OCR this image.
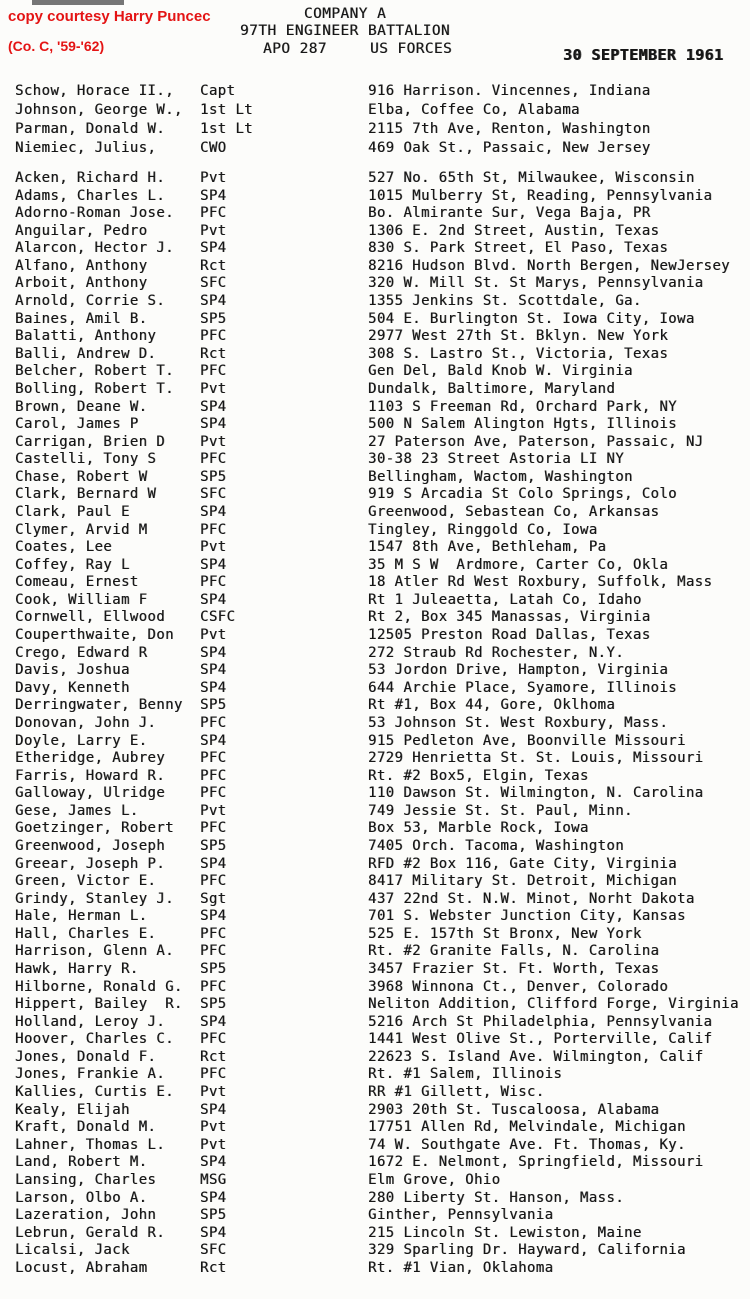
copy courtesy Harry Puncec
(Co. C, '59-'62)
COMPANY A
97TH ENGINEER BATTALION
APO 287	US FORCES	30 SEPTEMBER 1961
Schow, Horace II.,	Capt	916 Harrison. Vincennes, Indiana
Johnson, George W.,	1st Lt	Elba, Coffee Co, Alabama
Parman, Donald W.	1st Lt	2115 7th Ave, Renton, Washington
Niemiec, Julius,	CWO	469 Oak St., Passaic, New Jersey
Acken, Richard H.	Pvt	527 No. 65th St, Milwaukee, Wisconsin
Adams, Charles L.	SP4	1015 Mulberry St, Reading, Pennsylvania
Adorno-Roman Jose.	PFC	Bo. Almirante Sur, Vega Baja, PR
Anguilar, Pedro	Pvt	1306 E. 2nd Street, Austin, Texas
Alarcon, Hector J.	SP4	830 S. Park Street, El Paso, Texas
Alfano, Anthony	Rct	8216 Hudson Blvd. North Bergen, NewJersey
Arboit, Anthony	SFC	320 W. Mill St. St Marys, Pennsylvania
Arnold, Corrie S.	SP4	1355 Jenkins St. Scottdale, Ga.
Baines, Amil B.	SP5	504 E. Burlington St. Iowa City, Iowa
Balatti, Anthony	PFC	2977 West 27th St. Bklyn. New York
Balli, Andrew D.	Rct	308 S. Lastro St., Victoria, Texas
Belcher, Robert T.	PFC	Gen Del, Bald Knob W. Virginia
Bolling, Robert T.	Pvt	Dundalk, Baltimore, Maryland
Brown, Deane W.	SP4	1103 S Freeman Rd, Orchard Park, NY
Carol, James P	SP4	500 N Salem Alington Hgts, Illinois
Carrigan, Brien D	Pvt	27 Paterson Ave, Paterson, Passaic, NJ
Castelli, Tony S	PFC	30-38 23 Street Astoria LI NY
Chase, Robert W	SP5	Bellingham, Wactom, Washington
Clark, Bernard W	SFC	919 S Arcadia St Colo Springs, Colo
Clark, Paul E	SP4	Greenwood, Sebastean Co, Arkansas
Clymer, Arvid M	PFC	Tingley, Ringgold Co, Iowa
Coates, Lee	Pvt	1547 8th Ave, Bethleham, Pa
Coffey, Ray L	SP4	35 M S W  Ardmore, Carter Co, Okla
Comeau, Ernest	PFC	18 Atler Rd West Roxbury, Suffolk, Mass
Cook, William F	SP4	Rt 1 Juleaetta, Latah Co, Idaho
Cornwell, Ellwood	CSFC	Rt 2, Box 345 Manassas, Virginia
Couperthwaite, Don	Pvt	12505 Preston Road Dallas, Texas
Crego, Edward R	SP4	272 Straub Rd Rochester, N.Y.
Davis, Joshua	SP4	53 Jordon Drive, Hampton, Virginia
Davy, Kenneth	SP4	644 Archie Place, Syamore, Illinois
Derringwater, Benny	SP5	Rt #1, Box 44, Gore, Oklhoma
Donovan, John J.	PFC	53 Johnson St. West Roxbury, Mass.
Doyle, Larry E.	SP4	915 Pedleton Ave, Boonville Missouri
Etheridge, Aubrey	PFC	2729 Henrietta St. St. Louis, Missouri
Farris, Howard R.	PFC	Rt. #2 Box5, Elgin, Texas
Galloway, Ulridge	PFC	110 Dawson St. Wilmington, N. Carolina
Gese, James L.	Pvt	749 Jessie St. St. Paul, Minn.
Goetzinger, Robert	PFC	Box 53, Marble Rock, Iowa
Greenwood, Joseph	SP5	7405 Orch. Tacoma, Washington
Greear, Joseph P.	SP4	RFD #2 Box 116, Gate City, Virginia
Green, Victor E.	PFC	8417 Military St. Detroit, Michigan
Grindy, Stanley J.	Sgt	437 22nd St. N.W. Minot, Norht Dakota
Hale, Herman L.	SP4	701 S. Webster Junction City, Kansas
Hall, Charles E.	PFC	525 E. 157th St Bronx, New York
Harrison, Glenn A.	PFC	Rt. #2 Granite Falls, N. Carolina
Hawk, Harry R.	SP5	3457 Frazier St. Ft. Worth, Texas
Hilborne, Ronald G.	PFC	3968 Winnona Ct., Denver, Colorado
Hippert, Bailey  R.	SP5	Neliton Addition, Clifford Forge, Virginia
Holland, Leroy J.	SP4	5216 Arch St Philadelphia, Pennsylvania
Hoover, Charles C.	PFC	1441 West Olive St., Porterville, Calif
Jones, Donald F.	Rct	22623 S. Island Ave. Wilmington, Calif
Jones, Frankie A.	PFC	Rt. #1 Salem, Illinois
Kallies, Curtis E.	Pvt	RR #1 Gillett, Wisc.
Kealy, Elijah	SP4	2903 20th St. Tuscaloosa, Alabama
Kraft, Donald M.	Pvt	17751 Allen Rd, Melvindale, Michigan
Lahner, Thomas L.	Pvt	74 W. Southgate Ave. Ft. Thomas, Ky.
Land, Robert M.	SP4	1672 E. Nelmont, Springfield, Missouri
Lansing, Charles	MSG	Elm Grove, Ohio
Larson, Olbo A.	SP4	280 Liberty St. Hanson, Mass.
Lazeration, John	SP5	Ginther, Pennsylvania
Lebrun, Gerald R.	SP4	215 Lincoln St. Lewiston, Maine
Licalsi, Jack	SFC	329 Sparling Dr. Hayward, California
Locust, Abraham	Rct	Rt. #1 Vian, Oklahoma
